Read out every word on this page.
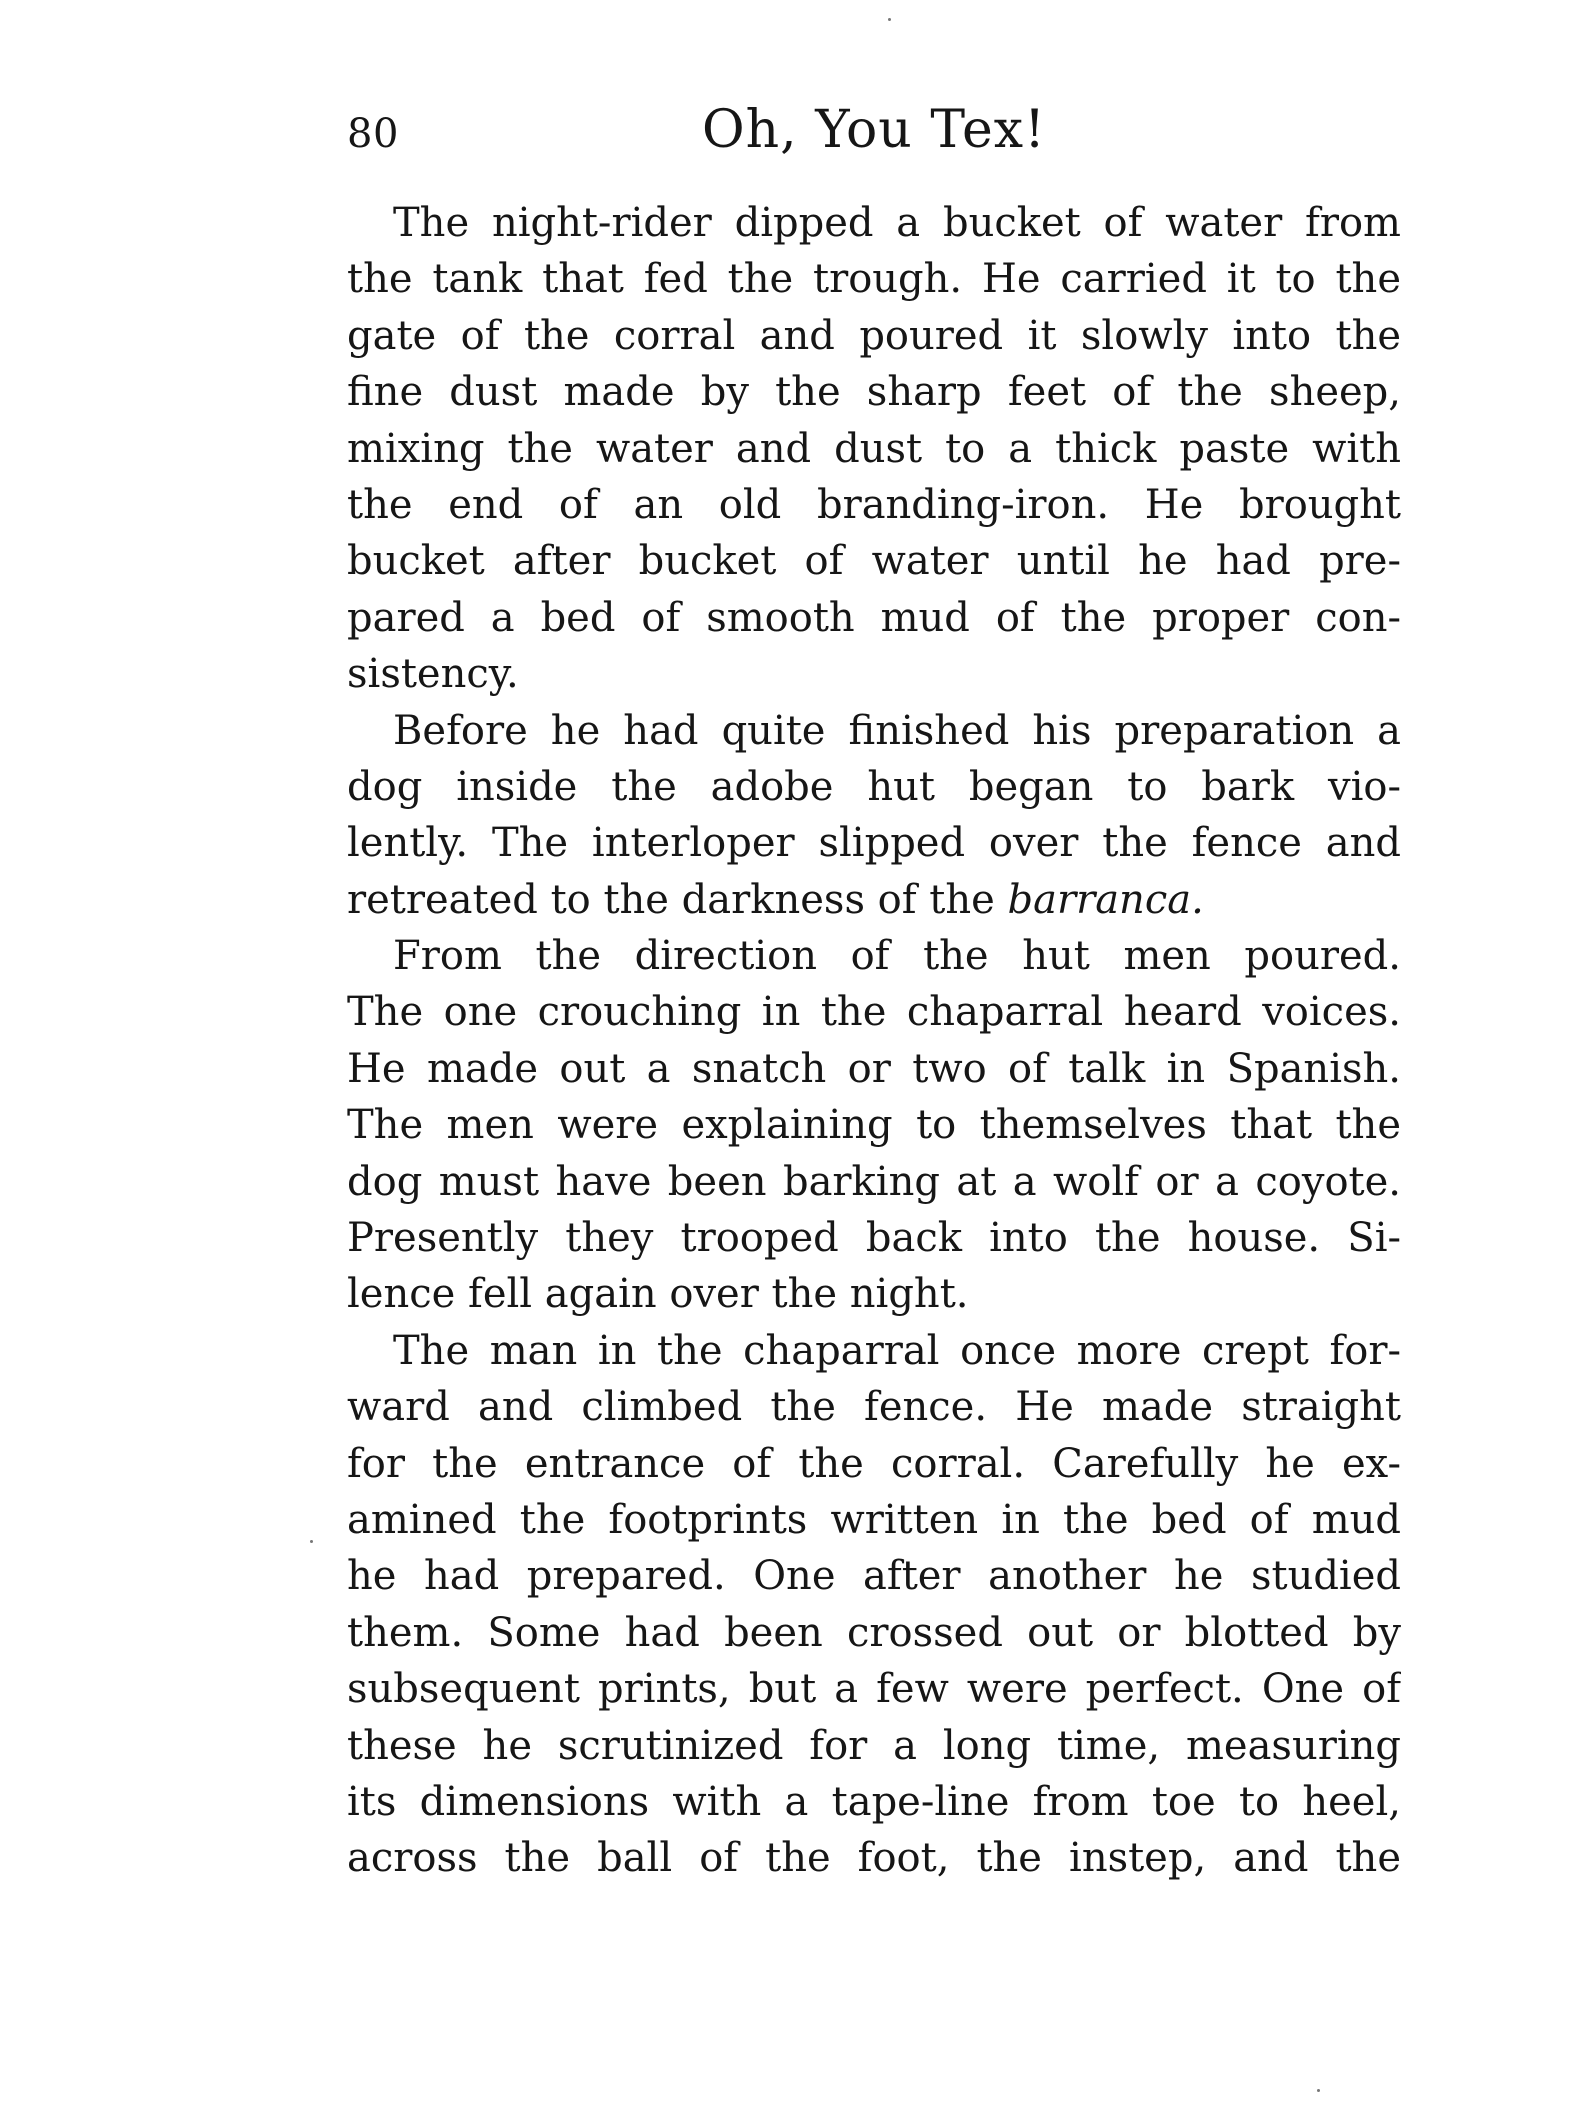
80	Oh, You Tex!
The night-rider dipped a bucket of water from
the tank that fed the trough. He carried it to the
gate of the corral and poured it slowly into the
fine dust made by the sharp feet of the sheep,
mixing the water and dust to a thick paste with
the end of an old branding-iron. He brought
bucket after bucket of water until he had pre-
pared a bed of smooth mud of the proper con-
sistency.
Before he had quite finished his preparation a
dog inside the adobe hut began to bark vio-
lently. The interloper slipped over the fence and
retreated to the darkness of the barranca.
From the direction of the hut men poured.
The one crouching in the chaparral heard voices.
He made out a snatch or two of talk in Spanish.
The men were explaining to themselves that the
dog must have been barking at a wolf or a coyote.
Presently they trooped back into the house. Si-
lence fell again over the night.
The man in the chaparral once more crept for-
ward and climbed the fence. He made straight
for the entrance of the corral. Carefully he ex-
amined the footprints written in the bed of mud
he had prepared. One after another he studied
them. Some had been crossed out or blotted by
subsequent prints, but a few were perfect. One of
these he scrutinized for a long time, measuring
its dimensions with a tape-line from toe to heel,
across the ball of the foot, the instep, and the
